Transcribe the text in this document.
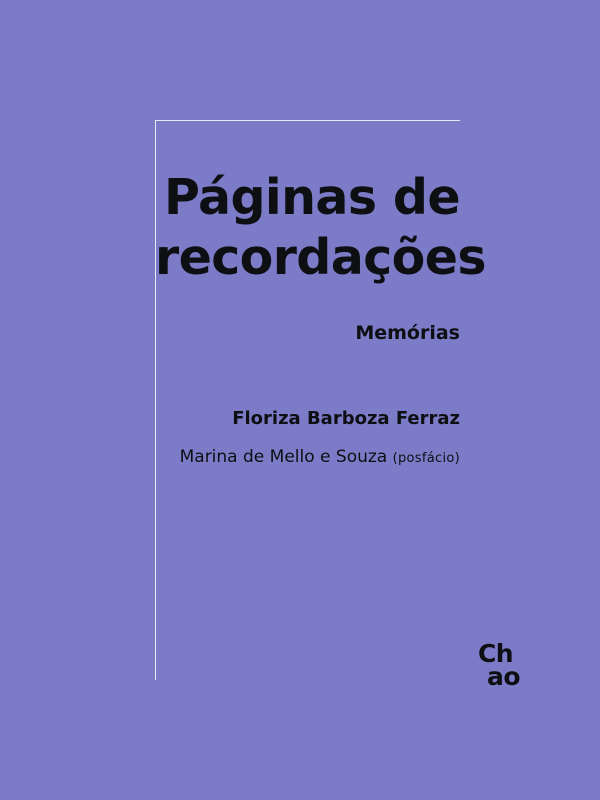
Páginas de recordações

Memórias

Floriza Barboza Ferraz

Marina de Mello e Souza (posfácio)

Ch
ao
